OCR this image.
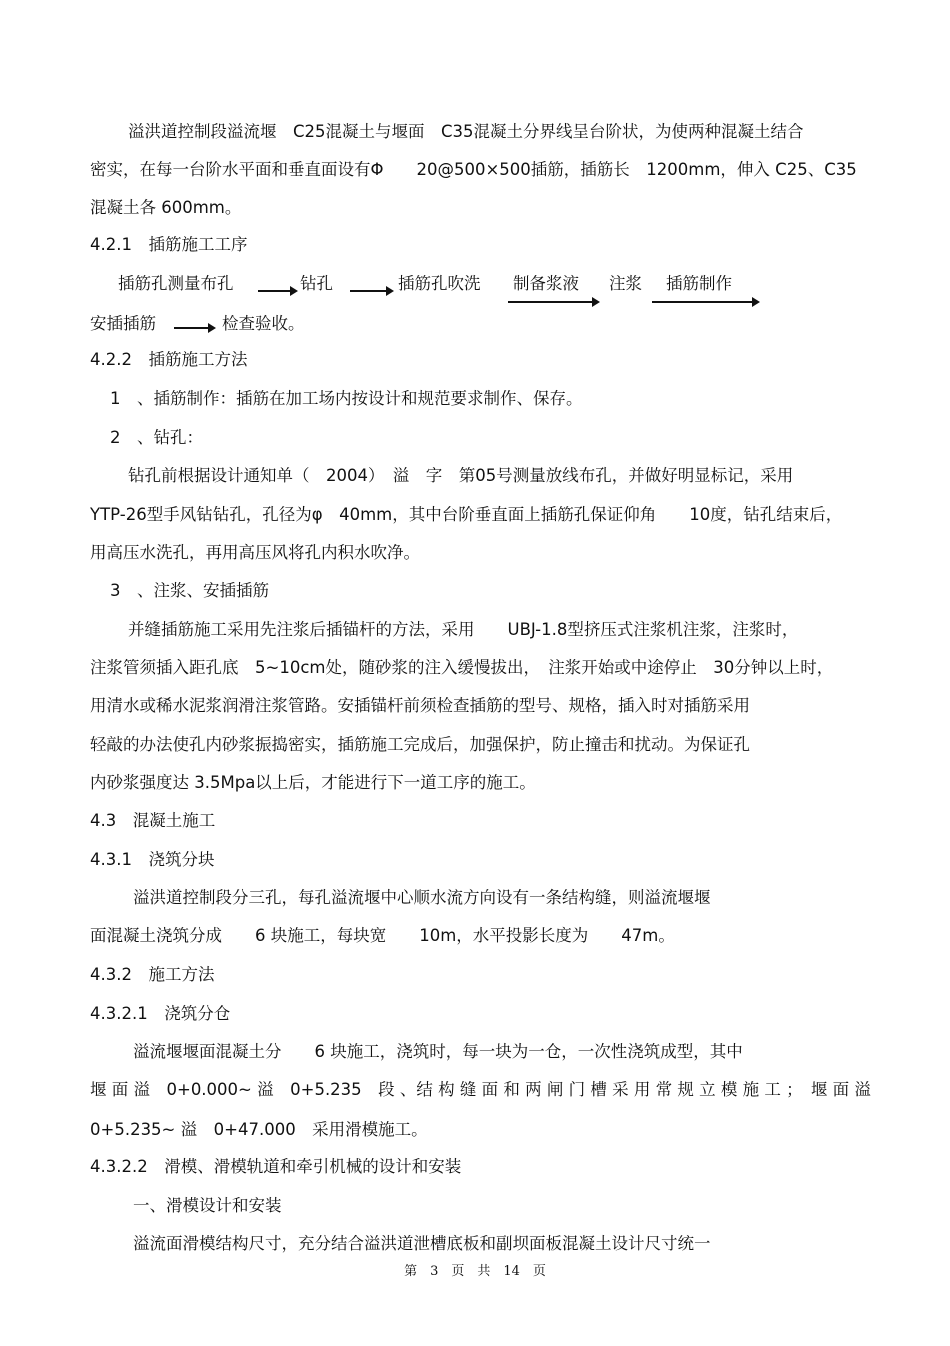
溢洪道控制段溢流堰　C25混凝土与堰面　C35混凝土分界线呈台阶状，为使两种混凝土结合
密实，在每一台阶水平面和垂直面设有Φ　　20@500×500插筋，插筋长　1200mm，伸入 C25、C35
混凝土各 600mm。
4.2.1　插筋施工工序
插筋孔测量布孔	钻孔	插筋孔吹洗 制备浆液 注浆 插筋制作
安插插筋	检查验收。
4.2.2　插筋施工方法
1　、插筋制作：插筋在加工场内按设计和规范要求制作、保存。
2　、钻孔：
钻孔前根据设计通知单（　2004）　溢　字　第05号测量放线布孔，并做好明显标记，采用
YTP-26型手风钻钻孔，孔径为φ　40mm，其中台阶垂直面上插筋孔保证仰角　　10度，钻孔结束后，
用高压水洗孔，再用高压风将孔内积水吹净。
3　、注浆、安插插筋
并缝插筋施工采用先注浆后插锚杆的方法，采用　　UBJ-1.8型挤压式注浆机注浆，注浆时，
注浆管须插入距孔底　5~10cm处，随砂浆的注入缓慢拔出，　注浆开始或中途停止　30分钟以上时，
用清水或稀水泥浆润滑注浆管路。安插锚杆前须检查插筋的型号、规格，插入时对插筋采用
轻敲的办法使孔内砂浆振捣密实，插筋施工完成后，加强保护，防止撞击和扰动。为保证孔
内砂浆强度达 3.5Mpa以上后，才能进行下一道工序的施工。
4.3　混凝土施工
4.3.1　浇筑分块
溢洪道控制段分三孔，每孔溢流堰中心顺水流方向设有一条结构缝，则溢流堰堰
面混凝土浇筑分成　　6 块施工，每块宽　　10m，水平投影长度为　　47m。
4.3.2　施工方法
4.3.2.1　浇筑分仓
溢流堰堰面混凝土分　　6 块施工，浇筑时，每一块为一仓，一次性浇筑成型，其中
堰 面 溢　0+0.000~ 溢　0+5.235　段 、结 构 缝 面 和 两 闸 门 槽 采 用 常 规 立 模 施 工 ；　堰 面 溢
0+5.235~ 溢　0+47.000　采用滑模施工。
4.3.2.2　滑模、滑模轨道和牵引机械的设计和安装
一、滑模设计和安装
溢流面滑模结构尺寸，充分结合溢洪道泄槽底板和副坝面板混凝土设计尺寸统一
第　3　页　共　14　页
